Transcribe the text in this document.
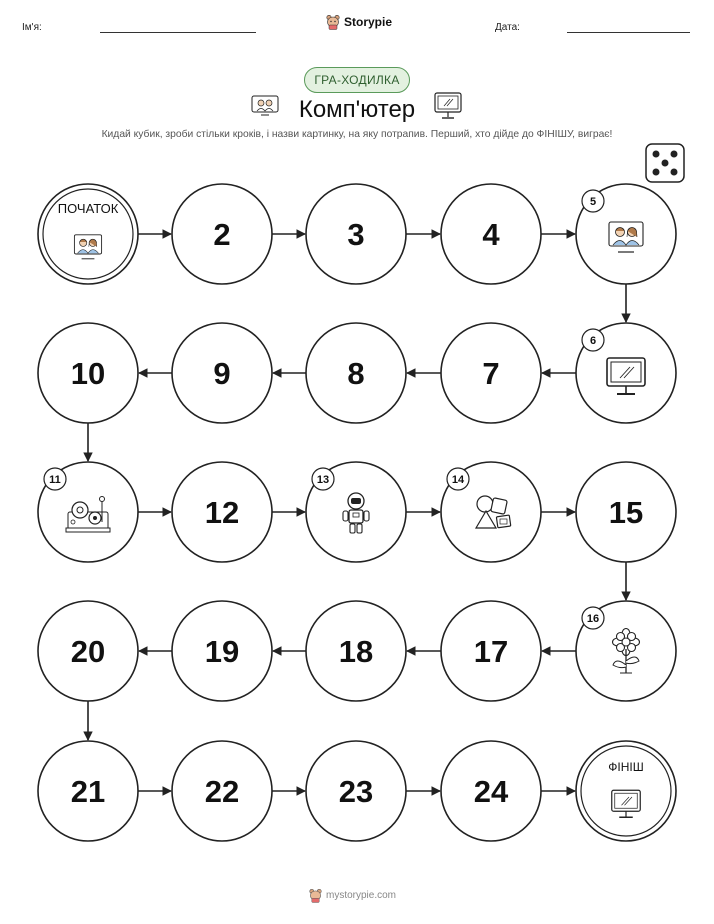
Ім'я:	Storypie	Дата:
ГРА-ХОДИЛКА
Комп'ютер
Кидай кубик, зроби стільки кроків, і назви картинку, на яку потрапив. Перший, хто дійде до ФІНІШУ, виграє!
ПОЧАТОК
2	3	4
5
6
7
8
9
10
11
12
13	14
15
16
17
18
19
20
21	22	23	24
ФІНІШ
mystorypie.com
